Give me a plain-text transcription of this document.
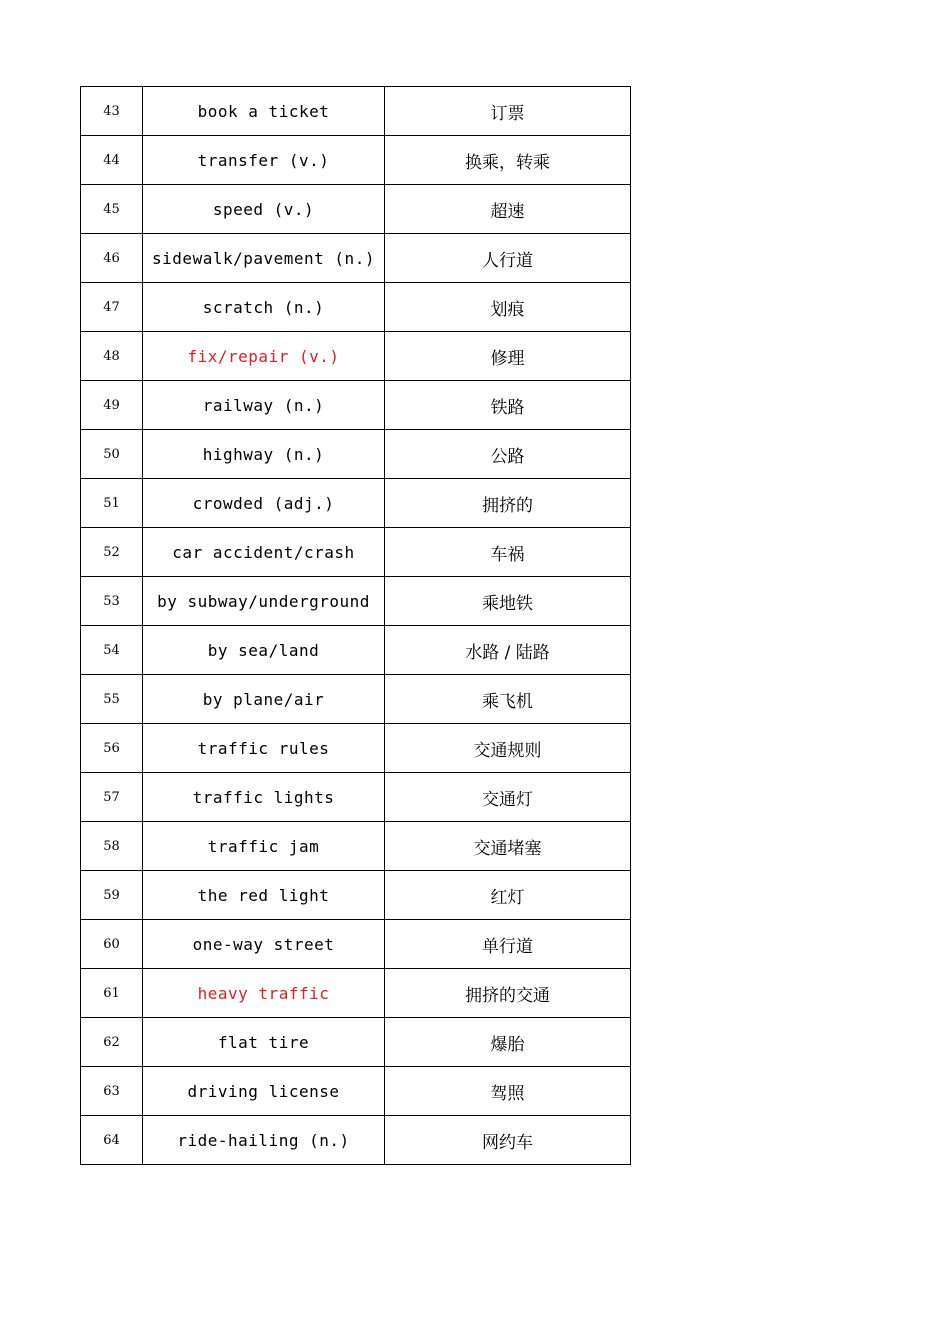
43	book a ticket	订票
44	transfer (v.)	换乘，转乘
45	speed (v.)	超速
46	sidewalk/pavement (n.)	人行道
47	scratch (n.)	划痕
48	fix/repair (v.)	修理
49	railway (n.)	铁路
50	highway (n.)	公路
51	crowded (adj.)	拥挤的
52	car accident/crash	车祸
53	by subway/underground	乘地铁
54	by sea/land	水路 / 陆路
55	by plane/air	乘飞机
56	traffic rules	交通规则
57	traffic lights	交通灯
58	traffic jam	交通堵塞
59	the red light	红灯
60	one-way street	单行道
61	heavy traffic	拥挤的交通
62	flat tire	爆胎
63	driving license	驾照
64	ride-hailing (n.)	网约车
